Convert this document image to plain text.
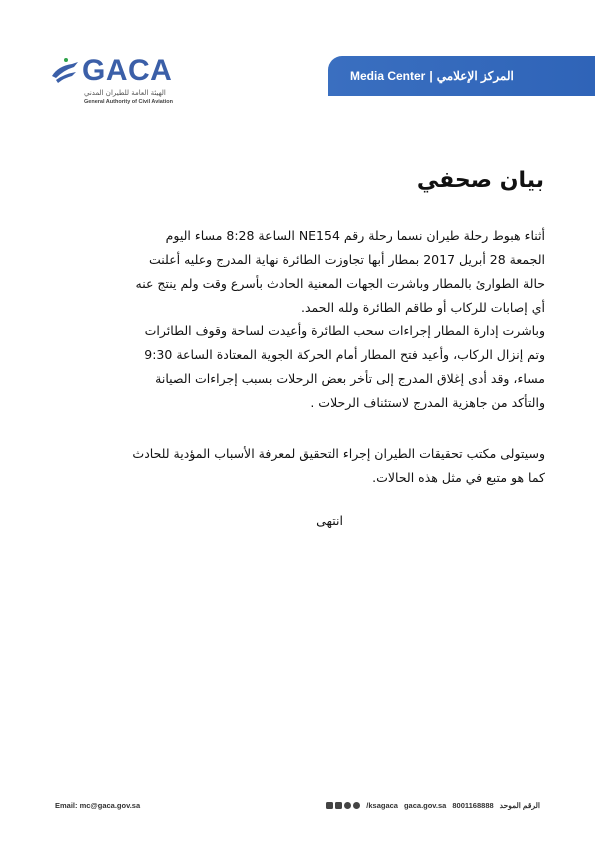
GACA
الهيئة العامة للطيران المدني
General Authority of Civil Aviation
Media Center | المركز الإعلامي
بيان صحفي
أثناء هبوط رحلة طيران نسما رحلة رقم NE154 الساعة 8:28 مساء اليوم
الجمعة 28 أبريل 2017 بمطار أبها تجاوزت الطائرة نهاية المدرج وعليه أعلنت
حالة الطوارئ بالمطار وباشرت الجهات المعنية الحادث بأسرع وقت ولم ينتج عنه
أي إصابات للركاب أو طاقم الطائرة ولله الحمد.
وباشرت إدارة المطار إجراءات سحب الطائرة وأعيدت لساحة وقوف الطائرات
وتم إنزال الركاب، وأعيد فتح المطار أمام الحركة الجوية المعتادة الساعة 9:30
مساء، وقد أدى إغلاق المدرج إلى تأخر بعض الرحلات بسبب إجراءات الصيانة
والتأكد من جاهزية المدرج لاستئناف الرحلات .
وسيتولى مكتب تحقيقات الطيران إجراء التحقيق لمعرفة الأسباب المؤدية للحادث
كما هو متبع في مثل هذه الحالات.
انتهى
Email: mc@gaca.gov.sa	/ksagaca gaca.gov.sa 8001168888 الرقم الموحد
